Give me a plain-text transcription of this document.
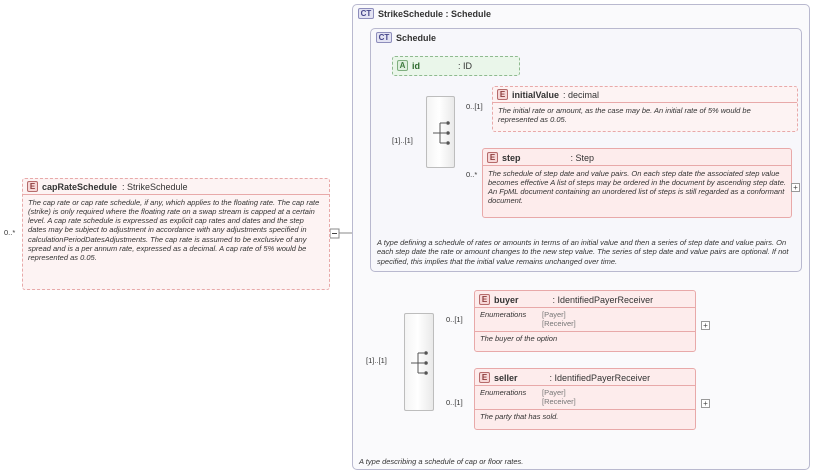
0..*
E capRateSchedule : StrikeSchedule
The cap rate or cap rate schedule, if any, which applies to the floating rate. The cap rate (strike) is only required where the floating rate on a swap stream is capped at a certain level. A cap rate schedule is expressed as explicit cap rates and dates and the step dates may be subject to adjustment in accordance with any adjustments specified in calculationPeriodDatesAdjustments. The cap rate is assumed to be exclusive of any spread and is a per annum rate, expressed as a decimal. A cap rate of 5% would be represented as 0.05.
CT StrikeSchedule : Schedule
A type describing a schedule of cap or floor rates.
CT Schedule
A type defining a schedule of rates or amounts in terms of an initial value and then a series of step date and value pairs. On each step date the rate or amount changes to the new step value. The series of step date and value pairs are optional. If not specified, this implies that the initial value remains unchanged over time.
A id	: ID
[1]..[1]
0..[1]
E initialValue : decimal
The initial rate or amount, as the case may be. An initial rate of 5% would be represented as 0.05.
0..*
E step	: Step
The schedule of step date and value pairs. On each step date the associated step value becomes effective A list of steps may be ordered in the document by ascending step date. An FpML document containing an unordered list of steps is still regarded as a conformant document.
+
[1]..[1]
0..[1]
E buyer	: IdentifiedPayerReceiver
Enumerations	[Payer]
[Receiver]
The buyer of the option
+
0..[1]
E seller	: IdentifiedPayerReceiver
Enumerations	[Payer]
[Receiver]
The party that has sold.
+
